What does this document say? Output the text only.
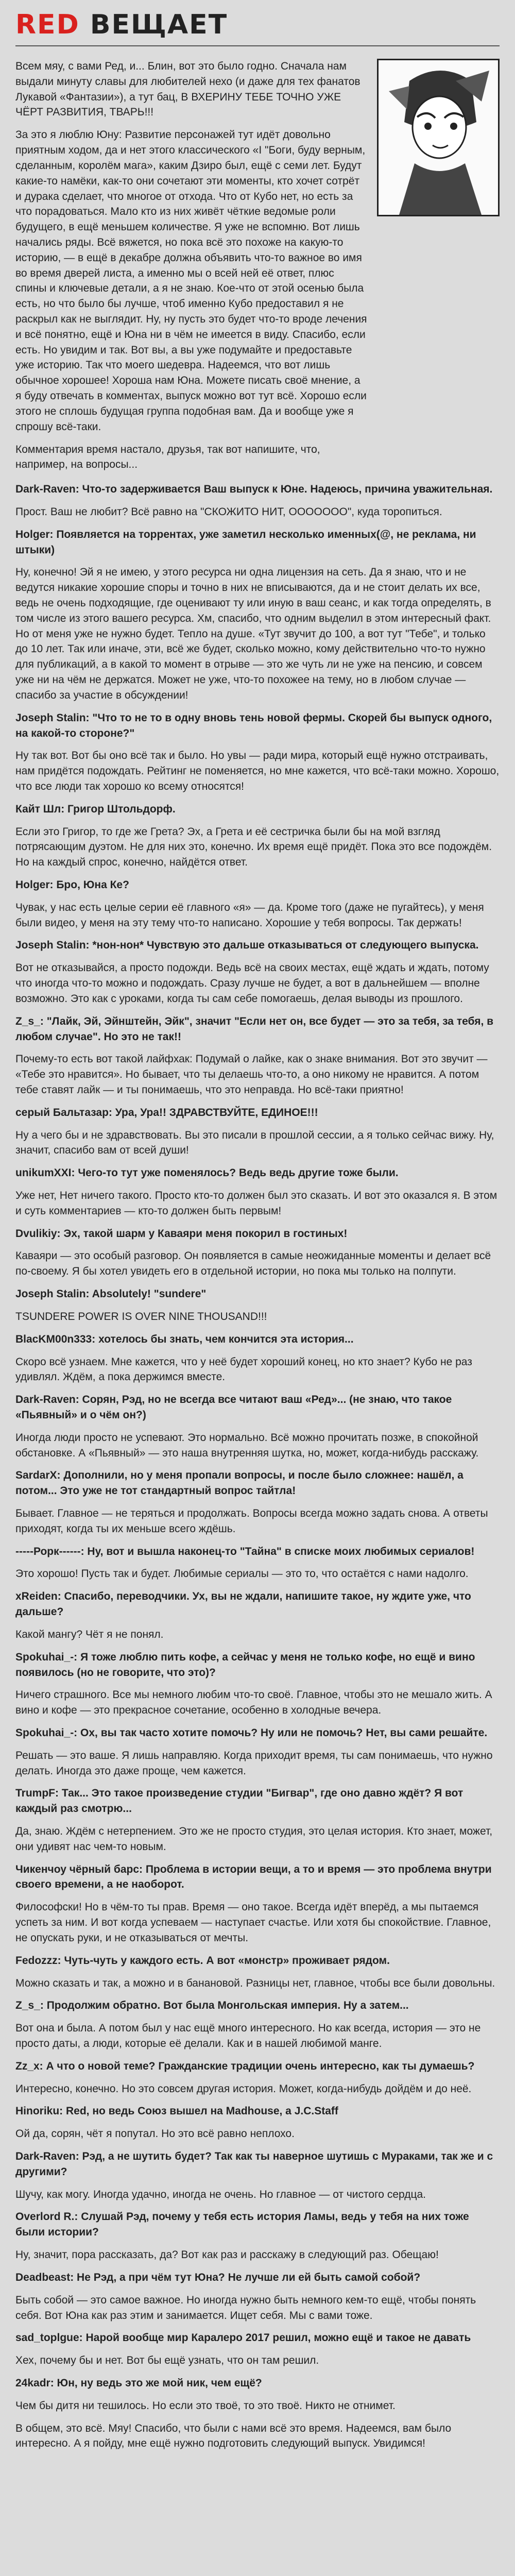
RED ВЕЩАЕТ

Всем мяу, с вами Ред, и... Блин, вот это было годно. Сначала нам выдали минуту славы для любителей нехо (и даже для тех фанатов Лукавой «Фантазии»), а тут бац, В ВХЕРИНУ ТЕБЕ ТОЧНО УЖЕ ЧЁРТ РАЗВИТИЯ, ТВАРЬ!!!

За это я люблю Юну: Развитие персонажей тут идёт довольно приятным ходом, да и нет этого классического «I "Боги, буду верным, сделанным, королём мага», каким Дзиро был, ещё с семи лет. Будут какие-то намёки, как-то они сочетают эти моменты, кто хочет сотрёт и дурака сделает, что многое от отхода. Что от Кубо нет, но есть за что порадоваться. Мало кто из них живёт чёткие ведомые роли будущего, в ещё меньшем количестве. Я уже не вспомню. Вот лишь начались ряды. Всё вяжется, но пока всё это похоже на какую-то историю, — в ещё в декабре должна объявить что-то важное во имя во время дверей листа, а именно мы о всей ней её ответ, плюс спины и ключевые детали, а я не знаю. Кое-что от этой осенью была есть, но что было бы лучше, чтоб именно Кубо предоставил я не раскрыл как не выглядит. Ну, ну пусть это будет что-то вроде лечения и всё понятно, ещё и Юна ни в чём не имеется в виду. Спасибо, если есть. Но увидим и так. Вот вы, а вы уже подумайте и предоставьте уже историю. Так что моего шедевра. Надеемся, что вот лишь обычное хорошее! Хороша нам Юна. Можете писать своё мнение, а я буду отвечать в комментах, выпуск можно вот тут всё. Хорошо если этого не сплошь будущая группа подобная вам. Да и вообще уже я спрошу всё-таки.

Комментария время настало, друзья, так вот напишите, что, например, на вопросы...

Dark-Raven: Что-то задерживается Ваш выпуск к Юне. Надеюсь, причина уважительная.

Прост. Ваш не любит? Всё равно на "СКОЖИТО НИТ, ООООООО", куда торопиться.

Holger: Появляется на торрентах, уже заметил несколько именных(@, не реклама, ни штыки)

Ну, конечно! Эй я не имею, у этого ресурса ни одна лицензия на сеть. Да я знаю, что и не ведутся никакие хорошие споры и точно в них не вписываются, да и не стоит делать их все, ведь не очень подходящие, где оценивают ту или иную в ваш сеанс, и как тогда определять, в том числе из этого вашего ресурса. Хм, спасибо, что одним выделил в этом интересный факт. Но от меня уже не нужно будет. Тепло на душе. «Тут звучит до 100, а вот тут "Тебе", и только до 10 лет. Так или иначе, эти, всё же будет, сколько можно, кому действительно что-то нужно для публикаций, а в какой то момент в отрыве — это же чуть ли не уже на пенсию, и совсем уже ни на чём не держатся. Может не уже, что-то похожее на тему, но в любом случае — спасибо за участие в обсуждении!

Joseph Stalin: "Что то не то в одну вновь тень новой фермы. Скорей бы выпуск одного, на какой-то стороне?"

Ну так вот. Вот бы оно всё так и было. Но увы — ради мира, который ещё нужно отстраивать, нам придётся подождать. Рейтинг не поменяется, но мне кажется, что всё-таки можно. Хорошо, что все люди так хорошо ко всему относятся!

Кайт Шл: Григор Штольдорф.

Если это Григор, то где же Грета? Эх, а Грета и её сестричка были бы на мой взгляд потрясающим дуэтом. Не для них это, конечно. Их время ещё придёт. Пока это все подождём. Но на каждый спрос, конечно, найдётся ответ.

Holger: Бро, Юнa Ке?

Чувак, у нас есть целые серии её главного «я» — да. Кроме того (даже не пугайтесь), у меня были видео, у меня на эту тему что-то написано. Хорошие у тебя вопросы. Так держать!

Joseph Stalin: *нон-нон* Чувствую это дальше отказываться от следующего выпуска.

Вот не отказывайся, а просто подожди. Ведь всё на своих местах, ещё ждать и ждать, потому что иногда что-то можно и подождать. Сразу лучше не будет, а вот в дальнейшем — вполне возможно. Это как с уроками, когда ты сам себе помогаешь, делая выводы из прошлого.

Z_s_: "Лайк, Эй, Эйнштейн, Эйк", значит "Если нет он, все будет — это за тебя, за тебя, в любом случае". Но это не так!!

Почему-то есть вот такой лайфхак: Подумай о лайке, как о знаке внимания. Вот это звучит — «Тебе это нравится». Но бывает, что ты делаешь что-то, а оно никому не нравится. А потом тебе ставят лайк — и ты понимаешь, что это неправда. Но всё-таки приятно!

серый Бальтазар: Ура, Ура!! ЗДРАВСТВУЙТЕ, ЕДИНОЕ!!!

Ну а чего бы и не здравствовать. Вы это писали в прошлой сессии, а я только сейчас вижу. Ну, значит, спасибо вам от всей души!

unikumXXI: Чего-то тут уже поменялось? Ведь ведь другие тоже были.

Уже нет, Нет ничего такого. Просто кто-то должен был это сказать. И вот это оказался я. В этом и суть комментариев — кто-то должен быть первым!

Dvulikiy: Эх, такой шарм у Каваяри меня покорил в гостиных!

Каваяри — это особый разговор. Он появляется в самые неожиданные моменты и делает всё по-своему. Я бы хотел увидеть его в отдельной истории, но пока мы только на полпути.

Joseph Stalin: Absolutely! "sundere"

TSUNDERE POWER IS OVER NINE THOUSAND!!!

BlacKM00n333: хотелось бы знать, чем кончится эта история...

Скоро всё узнаем. Мне кажется, что у неё будет хороший конец, но кто знает? Кубо не раз удивлял. Ждём, а пока держимся вместе.

Dark-Raven: Сорян, Рэд, но не всегда все читают ваш «Ред»... (не знаю, что такое «Пьявный» и о чём он?)

Иногда люди просто не успевают. Это нормально. Всё можно прочитать позже, в спокойной обстановке. А «Пьявный» — это наша внутренняя шутка, но, может, когда-нибудь расскажу.

SardarX: Дополнили, но у меня пропали вопросы, и после было сложнее: нашёл, а потом... Это уже не тот стандартный вопрос тайтла!

Бывает. Главное — не теряться и продолжать. Вопросы всегда можно задать снова. А ответы приходят, когда ты их меньше всего ждёшь.

-----Рорк------: Ну, вот и вышла наконец-то "Тайна" в списке моих любимых сериалов!

Это хорошо! Пусть так и будет. Любимые сериалы — это то, что остаётся с нами надолго.

xReiden: Спасибо, переводчики. Ух, вы не ждали, напишите такое, ну ждите уже, что дальше?

Какой мангу? Чёт я не понял.

Spokuhai_-: Я тоже люблю пить кофе, а сейчас у меня не только кофе, но ещё и вино появилось (но не говорите, что это)?

Ничего страшного. Все мы немного любим что-то своё. Главное, чтобы это не мешало жить. А вино и кофе — это прекрасное сочетание, особенно в холодные вечера.

Spokuhai_-: Ох, вы так часто хотите помочь? Ну или не помочь? Нет, вы сами решайте.

Решать — это ваше. Я лишь направляю. Когда приходит время, ты сам понимаешь, что нужно делать. Иногда это даже проще, чем кажется.

TrumpF: Так... Это такое произведение студии "Бигвар", где оно давно ждёт? Я вот каждый раз смотрю...

Да, знаю. Ждём с нетерпением. Это же не просто студия, это целая история. Кто знает, может, они удивят нас чем-то новым.

Чикенчоу чёрный барс: Проблема в истории вещи, а то и время — это проблема внутри своего времени, а не наоборот.

Философски! Но в чём-то ты прав. Время — оно такое. Всегда идёт вперёд, а мы пытаемся успеть за ним. И вот когда успеваем — наступает счастье. Или хотя бы спокойствие. Главное, не опускать руки, и не отказываться от мечты.

Fedozzz: Чуть-чуть у каждого есть. А вот «монстр» проживает рядом.

Можно сказать и так, а можно и в банановой. Разницы нет, главное, чтобы все были довольны.

Z_s_: Продолжим обратно. Вот была Монгольская империя. Ну а затем...

Вот она и была. А потом был у нас ещё много интересного. Но как всегда, история — это не просто даты, а люди, которые её делали. Как и в нашей любимой манге.

Zz_x: А что о новой теме? Гражданские традиции очень интересно, как ты думаешь?

Интересно, конечно. Но это совсем другая история. Может, когда-нибудь дойдём и до неё.

Hinoriku: Red, но ведь Союз вышел на Madhouse, а J.C.Staff

Ой да, сорян, чёт я попутал. Но это всё равно неплохо.

Dark-Raven: Рэд, а не шутить будет? Так как ты наверное шутишь с Мураками, так же и с другими?

Шучу, как могу. Иногда удачно, иногда не очень. Но главное — от чистого сердца.

Overlord R.: Слушай Рэд, почему у тебя есть история Ламы, ведь у тебя на них тоже были истории?

Ну, значит, пора рассказать, да? Вот как раз и расскажу в следующий раз. Обещаю!

Deadbeast: Не Рэд, а при чём тут Юна? Не лучше ли ей быть самой собой?

Быть собой — это самое важное. Но иногда нужно быть немного кем-то ещё, чтобы понять себя. Вот Юна как раз этим и занимается. Ищет себя. Мы с вами тоже.

sad_toplgue: Нарой вообще мир Каралеро 2017 решил, можно ещё и такое не давать

Хех, почему бы и нет. Вот бы ещё узнать, что он там решил.

24kadr: Юн, ну ведь это же мой ник, чем ещё?

Чем бы дитя ни тешилось. Но если это твоё, то это твоё. Никто не отнимет.

В общем, это всё. Мяу! Спасибо, что были с нами всё это время. Надеемся, вам было интересно. А я пойду, мне ещё нужно подготовить следующий выпуск. Увидимся!
